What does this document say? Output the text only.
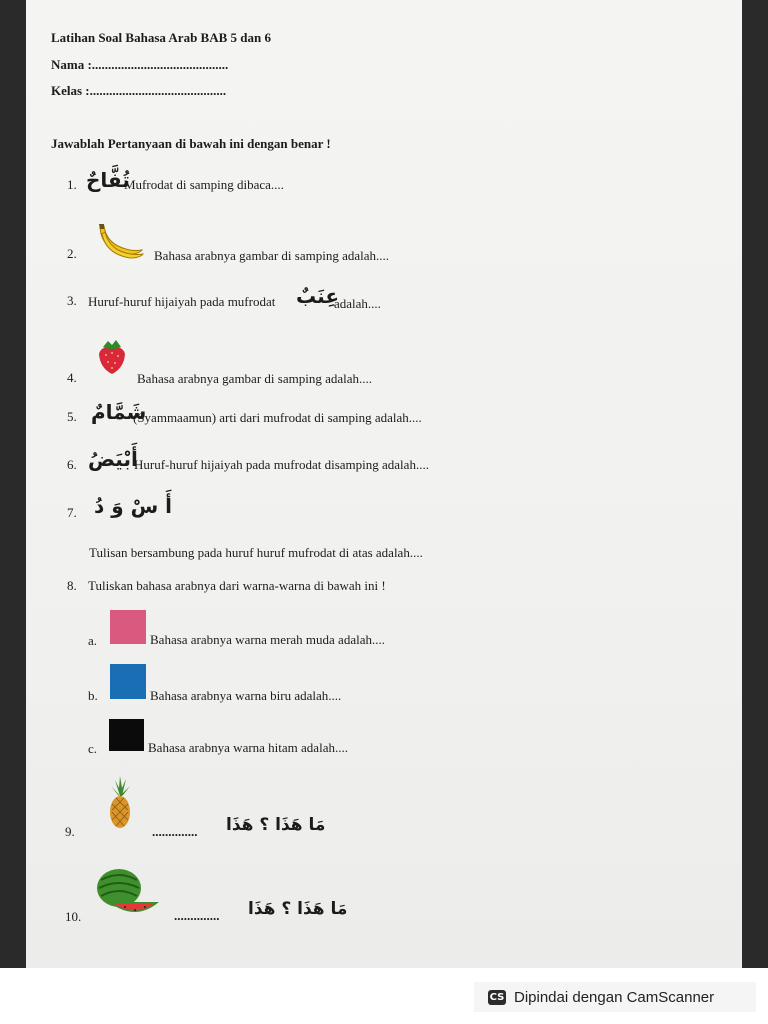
Latihan Soal Bahasa Arab BAB 5 dan 6
Nama :..........................................
Kelas :..........................................
Jawablah Pertanyaan di bawah ini dengan benar !
1. تُفَّاحٌ
Mufrodat di samping dibaca....
2.	Bahasa arabnya gambar di samping adalah....
3. Huruf-huruf hijaiyah pada mufrodat عِنَبٌ
adalah....
4.	Bahasa arabnya gambar di samping adalah....
5. شَمَّامٌ
(Syammaamun) arti dari mufrodat di samping adalah....
6. أَبْيَضُ
Huruf-huruf hijaiyah pada mufrodat disamping adalah....
7. أَ سْ وَ دُ
Tulisan bersambung pada huruf huruf mufrodat di atas adalah....
8. Tuliskan bahasa arabnya dari warna-warna di bawah ini !
a.	Bahasa arabnya warna merah muda adalah....
b.	Bahasa arabnya warna biru adalah....
c.	Bahasa arabnya warna hitam adalah....
9.	.............. مَا هَذَا ؟ هَذَا
10.	.............. مَا هَذَا ؟ هَذَا
CS Dipindai dengan CamScanner
